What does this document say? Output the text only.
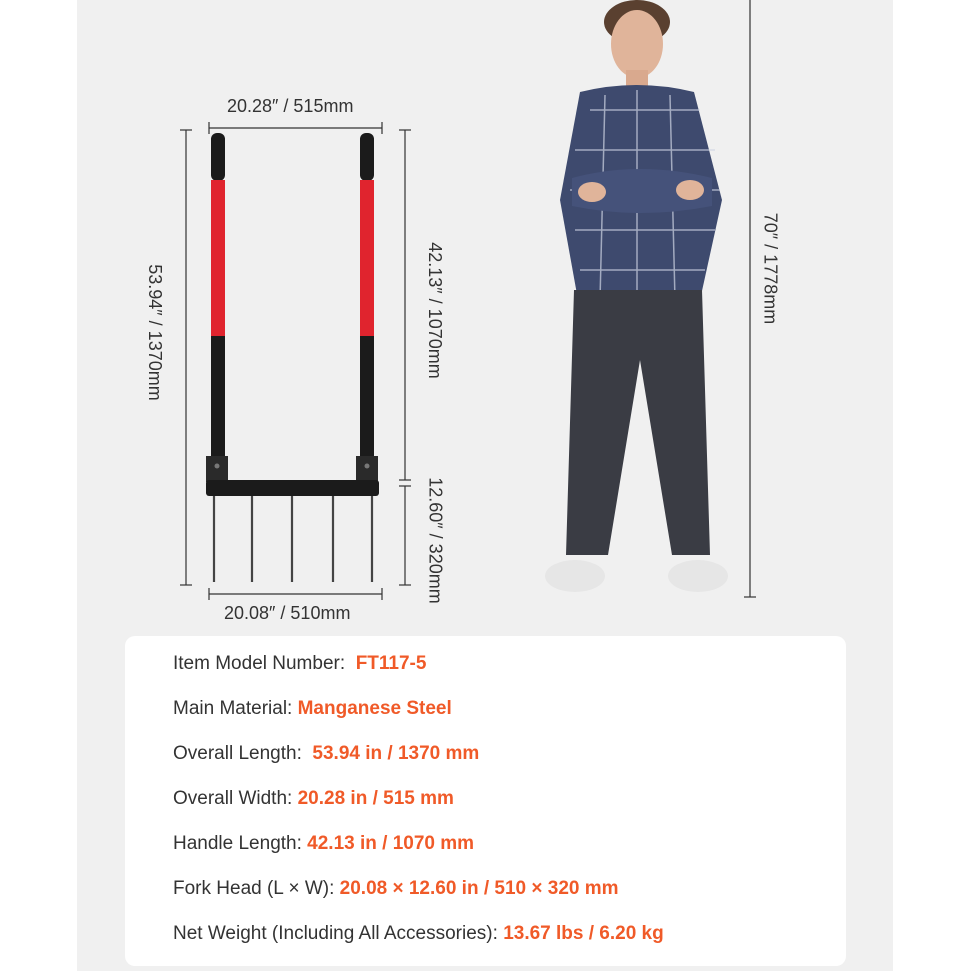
20.28″ / 515mm
20.08″ / 510mm
53.94″ / 1370mm	42.13″ / 1070mm
12.60″ / 320mm
70″ / 1778mm
Item Model Number: FT117-5
Main Material: Manganese Steel
Overall Length: 53.94 in / 1370 mm
Overall Width: 20.28 in / 515 mm
Handle Length: 42.13 in / 1070 mm
Fork Head (L × W): 20.08 × 12.60 in / 510 × 320 mm
Net Weight (Including All Accessories): 13.67 lbs / 6.20 kg
